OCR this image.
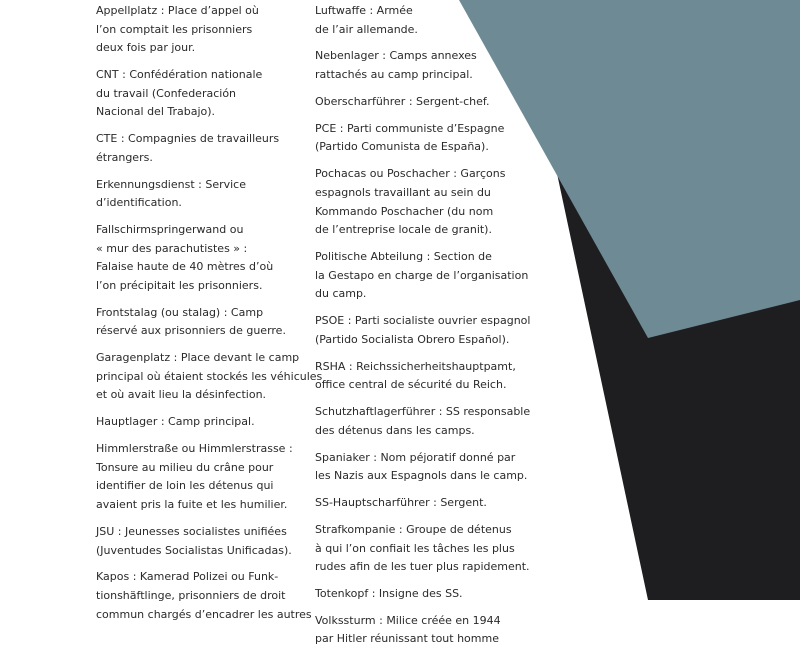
Appellplatz : Place d’appel où
l’on comptait les prisonniers
deux fois par jour.
CNT : Confédération nationale
du travail (Confederación
Nacional del Trabajo).
CTE : Compagnies de travailleurs
étrangers.
Erkennungsdienst : Service
d’identification.
Fallschirmspringerwand ou
« mur des parachutistes » :
Falaise haute de 40 mètres d’où
l’on précipitait les prisonniers.
Frontstalag (ou stalag) : Camp
réservé aux prisonniers de guerre.
Garagenplatz : Place devant le camp
principal où étaient stockés les véhicules
et où avait lieu la désinfection.
Hauptlager : Camp principal.
Himmlerstraße ou Himmlerstrasse :
Tonsure au milieu du crâne pour
identifier de loin les détenus qui
avaient pris la fuite et les humilier.
JSU : Jeunesses socialistes unifiées
(Juventudes Socialistas Unificadas).
Kapos : Kamerad Polizei ou Funk-
tionshäftlinge, prisonniers de droit
commun chargés d’encadrer les autres
Luftwaffe : Armée
de l’air allemande.
Nebenlager : Camps annexes
rattachés au camp principal.
Oberscharführer : Sergent-chef.
PCE : Parti communiste d’Espagne
(Partido Comunista de España).
Pochacas ou Poschacher : Garçons
espagnols travaillant au sein du
Kommando Poschacher (du nom
de l’entreprise locale de granit).
Politische Abteilung : Section de
la Gestapo en charge de l’organisation
du camp.
PSOE : Parti socialiste ouvrier espagnol
(Partido Socialista Obrero Español).
RSHA : Reichssicherheitshauptpamt,
office central de sécurité du Reich.
Schutzhaftlagerführer : SS responsable
des détenus dans les camps.
Spaniaker : Nom péjoratif donné par
les Nazis aux Espagnols dans le camp.
SS-Hauptscharführer : Sergent.
Strafkompanie : Groupe de détenus
à qui l’on confiait les tâches les plus
rudes afin de les tuer plus rapidement.
Totenkopf : Insigne des SS.
Volkssturm : Milice créée en 1944
par Hitler réunissant tout homme
